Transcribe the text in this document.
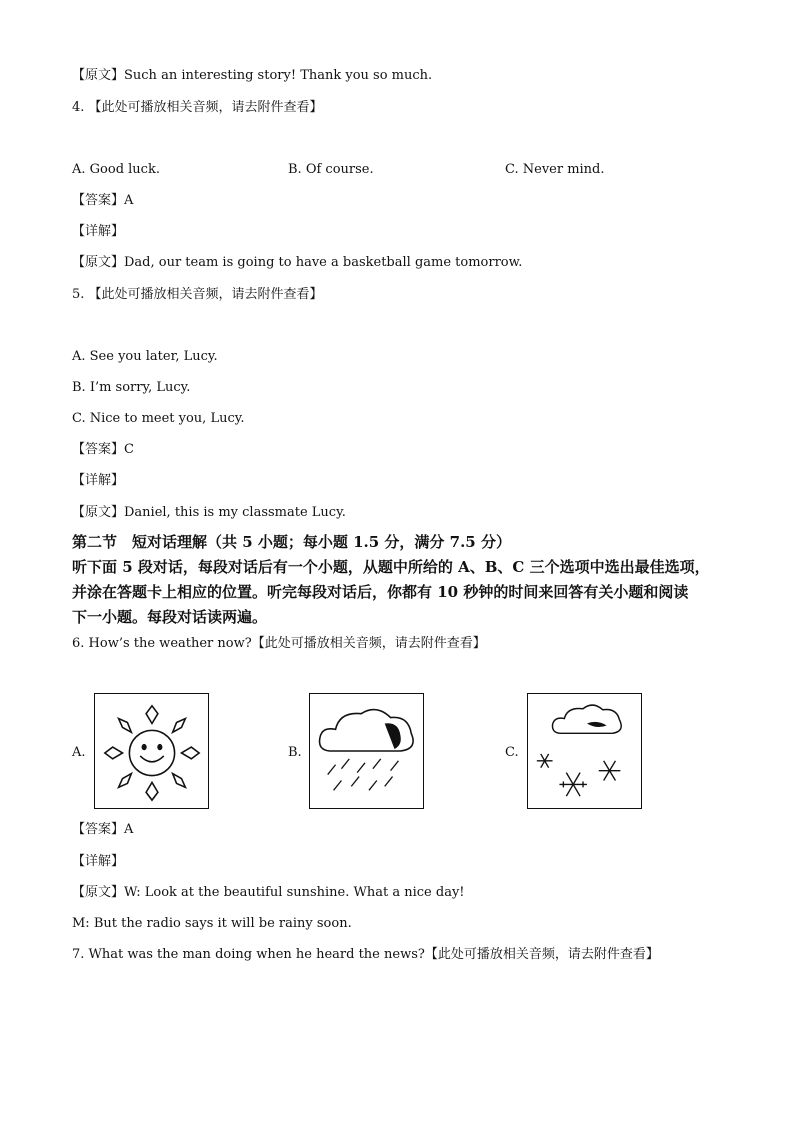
【原文】Such an interesting story! Thank you so much.
4. 【此处可播放相关音频，请去附件查看】
A. Good luck.	B. Of course.	C. Never mind.
【答案】A
【详解】
【原文】Dad, our team is going to have a basketball game tomorrow.
5. 【此处可播放相关音频，请去附件查看】
A. See you later, Lucy.
B. I’m sorry, Lucy.
C. Nice to meet you, Lucy.
【答案】C
【详解】
【原文】Daniel, this is my classmate Lucy.
第二节　短对话理解（共 5 小题；每小题 1.5 分，满分 7.5 分）
听下面 5 段对话，每段对话后有一个小题，从题中所给的 A、B、C 三个选项中选出最佳选项，
并涂在答题卡上相应的位置。听完每段对话后，你都有 10 秒钟的时间来回答有关小题和阅读
下一小题。每段对话读两遍。
6. How’s the weather now?【此处可播放相关音频，请去附件查看】
A.	B.	C.
【答案】A
【详解】
【原文】W: Look at the beautiful sunshine. What a nice day!
M: But the radio says it will be rainy soon.
7. What was the man doing when he heard the news?【此处可播放相关音频，请去附件查看】
